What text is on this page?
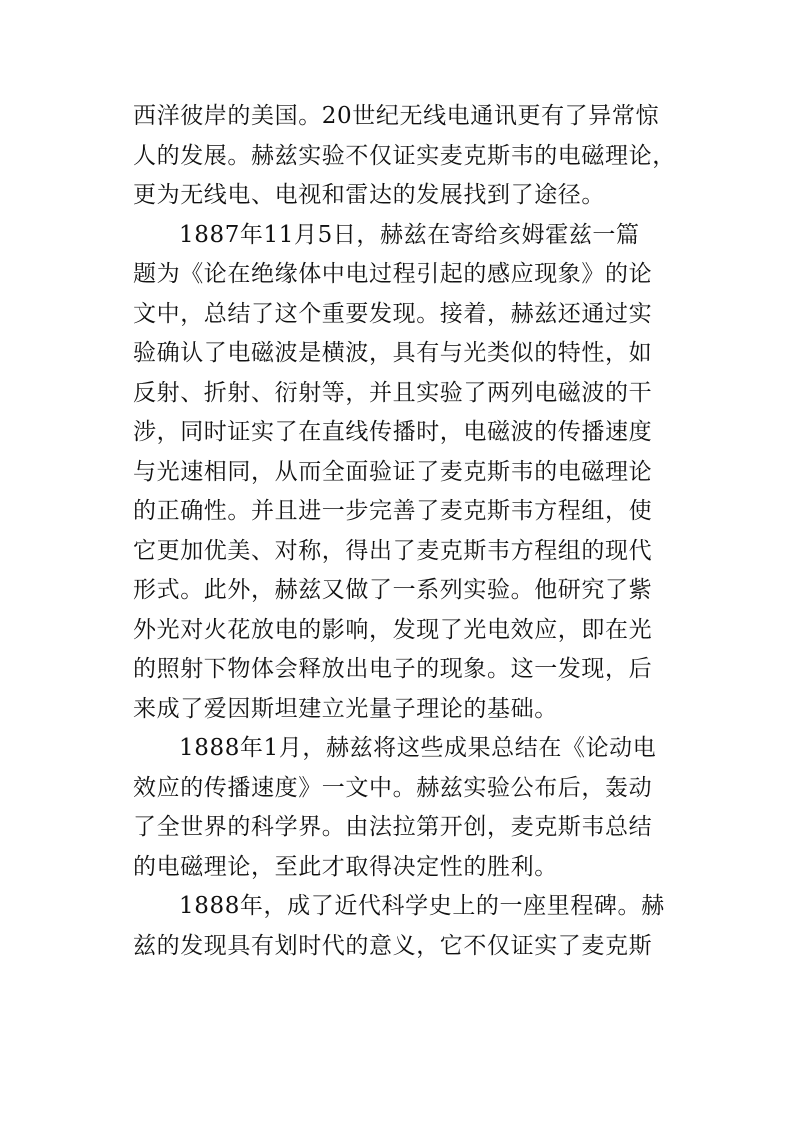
西洋彼岸的美国。20世纪无线电通讯更有了异常惊
人的发展。赫兹实验不仅证实麦克斯韦的电磁理论，
更为无线电、电视和雷达的发展找到了途径。
1887年11月5日，赫兹在寄给亥姆霍兹一篇
题为《论在绝缘体中电过程引起的感应现象》的论
文中，总结了这个重要发现。接着，赫兹还通过实
验确认了电磁波是横波，具有与光类似的特性，如
反射、折射、衍射等，并且实验了两列电磁波的干
涉，同时证实了在直线传播时，电磁波的传播速度
与光速相同，从而全面验证了麦克斯韦的电磁理论
的正确性。并且进一步完善了麦克斯韦方程组，使
它更加优美、对称，得出了麦克斯韦方程组的现代
形式。此外，赫兹又做了一系列实验。他研究了紫
外光对火花放电的影响，发现了光电效应，即在光
的照射下物体会释放出电子的现象。这一发现，后
来成了爱因斯坦建立光量子理论的基础。
1888年1月，赫兹将这些成果总结在《论动电
效应的传播速度》一文中。赫兹实验公布后，轰动
了全世界的科学界。由法拉第开创，麦克斯韦总结
的电磁理论，至此才取得决定性的胜利。
1888年，成了近代科学史上的一座里程碑。赫
兹的发现具有划时代的意义，它不仅证实了麦克斯
